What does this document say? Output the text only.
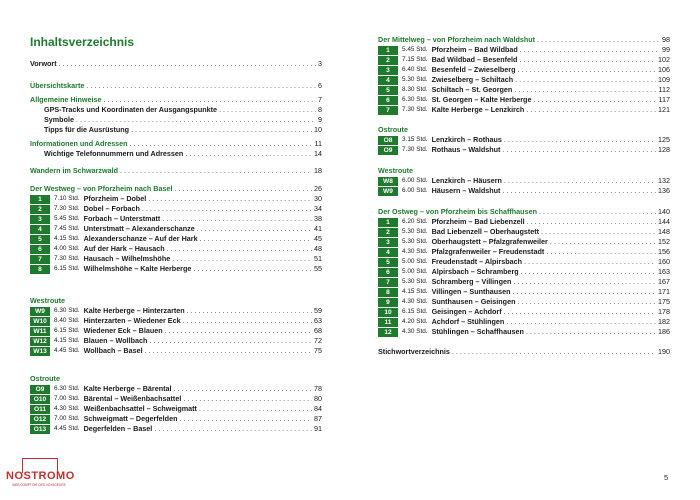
Inhaltsverzeichnis
Vorwort . . .	3
Übersichtskarte . . .	6
Allgemeine Hinweise . . .	7
GPS-Tracks und Koordinaten der Ausgangspunkte . . .	8
Symbole . . .	9
Tipps für die Ausrüstung . . .	10
Informationen und Adressen . . .	11
Wichtige Telefonnummern und Adressen . . .	14
Wandern im Schwarzwald . . .	18
Der Westweg – von Pforzheim nach Basel . . .	26
1	7.10 Std. Pforzheim – Dobel . . .	30
2	7.30 Std. Dobel – Forbach . . .	34
3	5.45 Std. Forbach – Unterstmatt . . .	38
4	7.45 Std. Unterstmatt – Alexanderschanze . . .	41
5	4.15 Std. Alexanderschanze – Auf der Hark . . .	45
6	4.00 Std. Auf der Hark – Hausach . . .	48
7	7.30 Std. Hausach – Wilhelmshöhe . . .	51
8	6.15 Std. Wilhelmshöhe – Kalte Herberge . . .	55
Westroute
W9	6.30 Std. Kalte Herberge – Hinterzarten . . .	59
W10	8.40 Std. Hinterzarten – Wiedener Eck . . .	63
W11	6.15 Std. Wiedener Eck – Blauen . . .	68
W12	4.15 Std. Blauen – Wollbach . . .	72
W13	4.45 Std. Wollbach – Basel . . .	75
Ostroute
O9	6.30 Std. Kalte Herberge – Bärental . . .	78
O10	7.00 Std. Bärental – Weißenbachsattel . . .	80
O11	4.30 Std. Weißenbachsattel – Schweigmatt . . .	84
O12	7.00 Std. Schweigmatt – Degerfelden . . .	87
O13	4.45 Std. Degerfelden – Basel . . .	91
Der Mittelweg – von Pforzheim nach Waldshut . . .	98
1	5.45 Std. Pforzheim – Bad Wildbad . . .	99
2	7.15 Std. Bad Wildbad – Besenfeld . . .	102
3	6.40 Std. Besenfeld – Zwieselberg . . .	106
4	5.30 Std. Zwieselberg – Schiltach . . .	109
5	8.30 Std. Schiltach – St. Georgen . . .	112
6	6.30 Std. St. Georgen – Kalte Herberge . . .	117
7	7.30 Std. Kalte Herberge – Lenzkirch . . .	121
Ostroute
O8	3.15 Std. Lenzkirch – Rothaus . . .	125
O9	7.30 Std. Rothaus – Waldshut . . .	128
Westroute
W8	6.00 Std. Lenzkirch – Häusern . . .	132
W9	6.00 Std. Häusern – Waldshut . . .	136
Der Ostweg – von Pforzheim bis Schaffhausen . . .	140
1	6.20 Std. Pforzheim – Bad Liebenzell . . .	144
2	5.30 Std. Bad Liebenzell – Oberhaugstett . . .	148
3	5.30 Std. Oberhaugstett – Pfalzgrafenweiler . . .	152
4	4.30 Std. Pfalzgrafenweiler – Freudenstadt . . .	156
5	5.00 Std. Freudenstadt – Alpirsbach . . .	160
6	5.00 Std. Alpirsbach – Schramberg . . .	163
7	5.30 Std. Schramberg – Villingen . . .	167
8	4.15 Std. Villingen – Sunthausen . . .	171
9	4.30 Std. Sunthausen – Geisingen . . .	175
10	6.15 Std. Geisingen – Achdorf . . .	178
11	4.20 Std. Achdorf – Stühlingen . . .	182
12	4.30 Std. Stühlingen – Schaffhausen . . .	186
Stichwortverzeichnis . . .	190
NOSTROMO
WEB COMPTOIR DES VOYAGEURS
5
